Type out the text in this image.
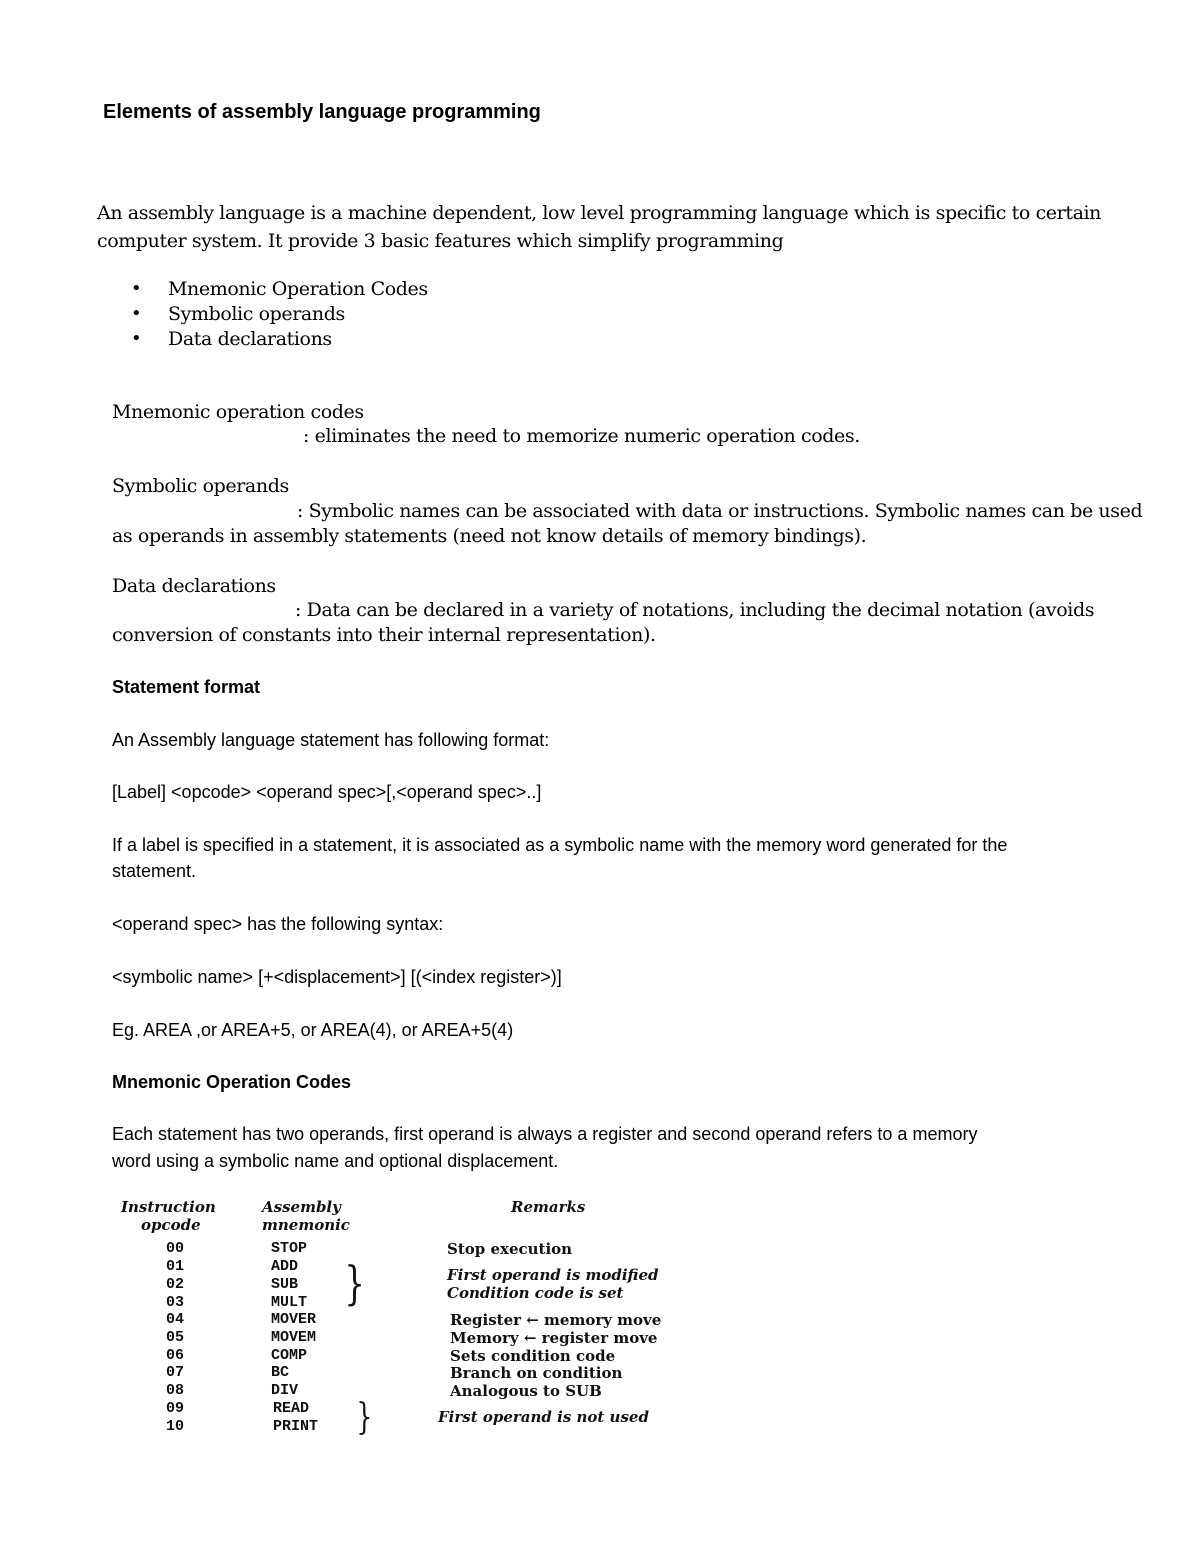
Elements of assembly language programming
An assembly language is a machine dependent, low level programming language which is specific to certain
computer system. It provide 3 basic features which simplify programming
• Mnemonic Operation Codes
• Symbolic operands
• Data declarations
Mnemonic operation codes
: eliminates the need to memorize numeric operation codes.
Symbolic operands
: Symbolic names can be associated with data or instructions. Symbolic names can be used
as operands in assembly statements (need not know details of memory bindings).
Data declarations
: Data can be declared in a variety of notations, including the decimal notation (avoids
conversion of constants into their internal representation).
Statement format
An Assembly language statement has following format:
[Label] <opcode> <operand spec>[,<operand spec>..]
If a label is specified in a statement, it is associated as a symbolic name with the memory word generated for the
statement.
<operand spec> has the following syntax:
<symbolic name> [+<displacement>] [(<index register>)]
Eg. AREA ,or AREA+5, or AREA(4), or AREA+5(4)
Mnemonic Operation Codes
Each statement has two operands, first operand is always a register and second operand refers to a memory
word using a symbolic name and optional displacement.
Instruction
opcode
Assembly
mnemonic
Remarks
00
01
02
03
04
05
06
07
08
09
10
STOP
ADD
SUB
MULT
MOVER
MOVEM
COMP
BC
DIV
READ
PRINT
}
}
Stop execution
First operand is modified
Condition code is set
Register ← memory move
Memory ← register move
Sets condition code
Branch on condition
Analogous to SUB
First operand is not used
